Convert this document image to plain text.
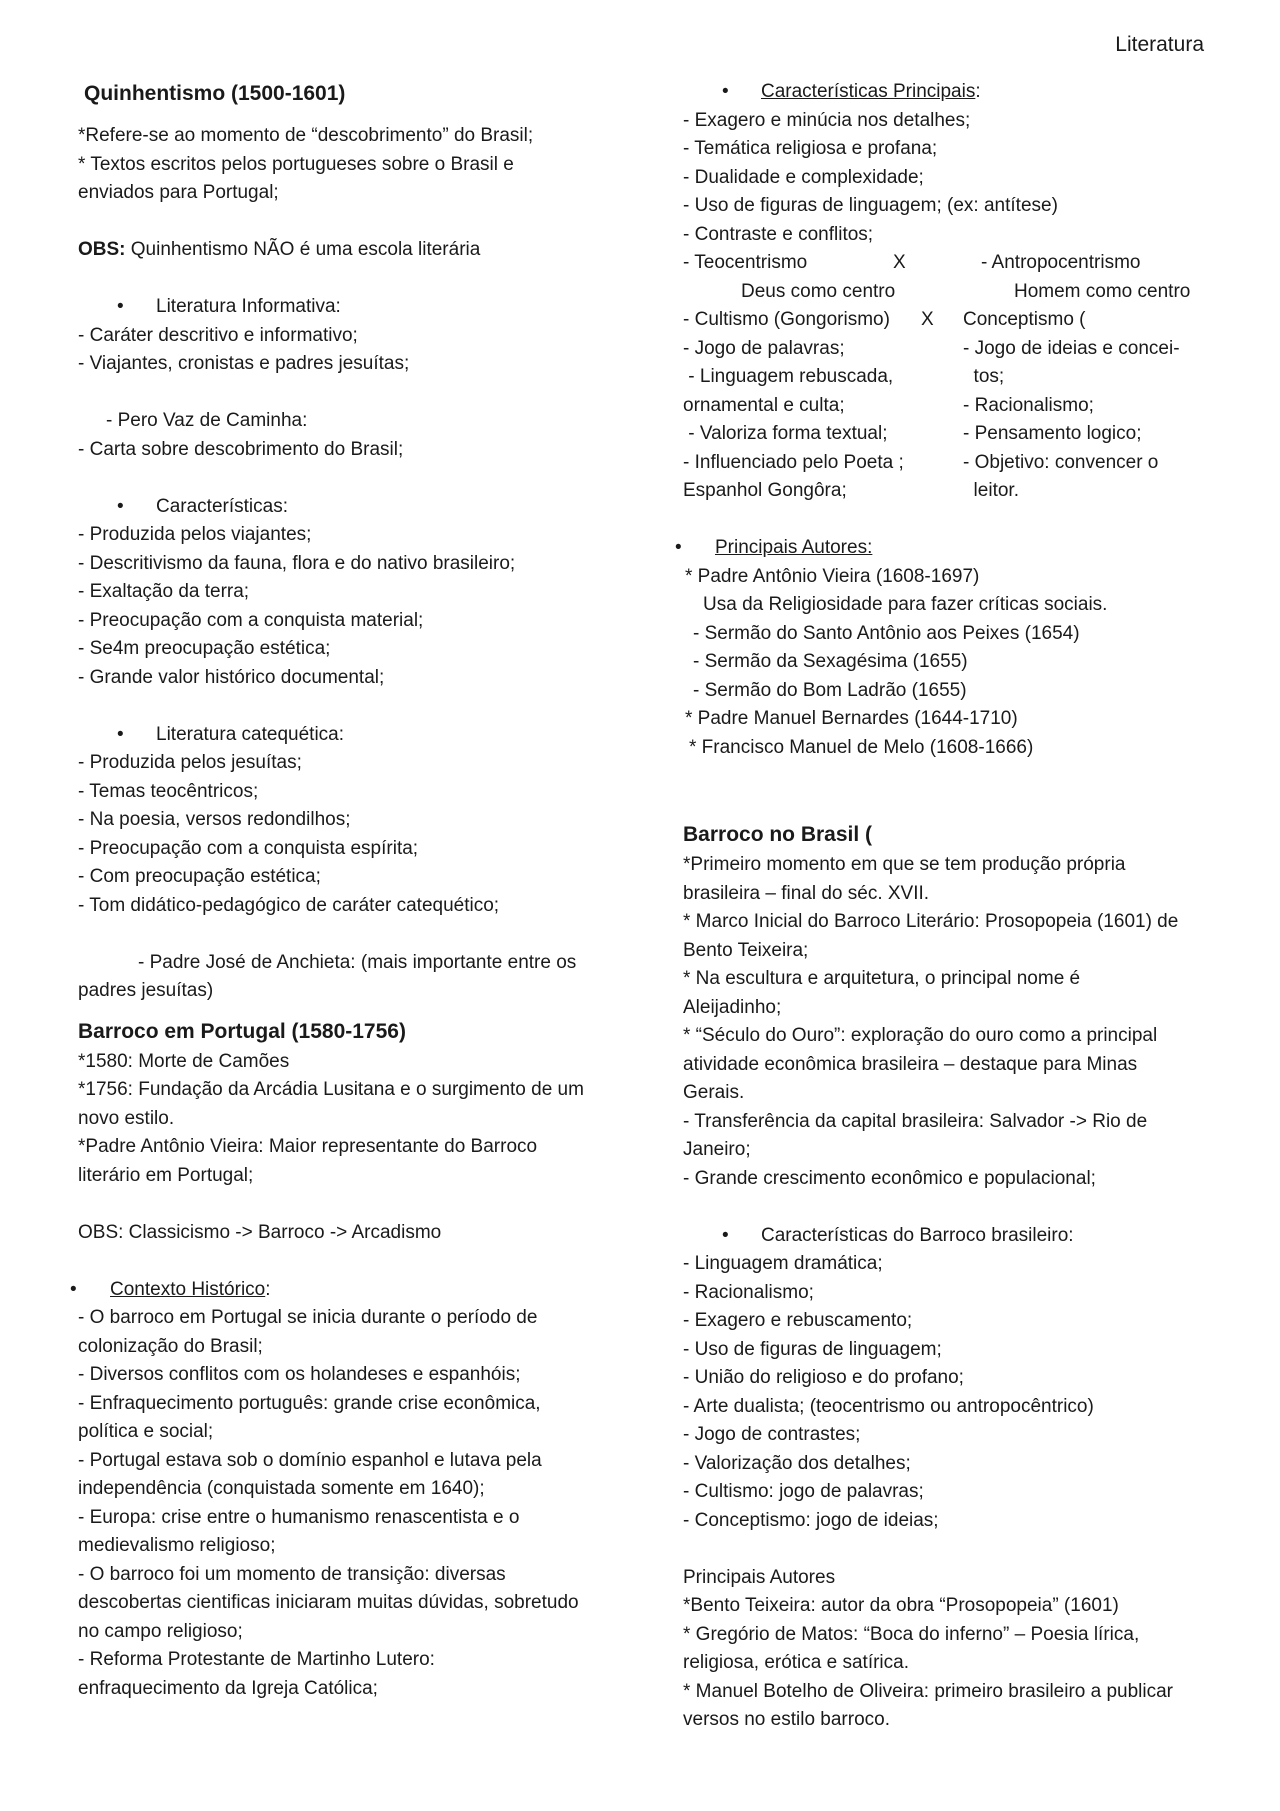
Literatura
Quinhentismo (1500-1601)
*Refere-se ao momento de “descobrimento” do Brasil;
* Textos escritos pelos portugueses sobre o Brasil e
enviados para Portugal;
OBS: Quinhentismo NÃO é uma escola literária
• Literatura Informativa:
- Caráter descritivo e informativo;
- Viajantes, cronistas e padres jesuítas;
- Pero Vaz de Caminha:
- Carta sobre descobrimento do Brasil;
• Características:
- Produzida pelos viajantes;
- Descritivismo da fauna, flora e do nativo brasileiro;
- Exaltação da terra;
- Preocupação com a conquista material;
- Se4m preocupação estética;
- Grande valor histórico documental;
• Literatura catequética:
- Produzida pelos jesuítas;
- Temas teocêntricos;
- Na poesia, versos redondilhos;
- Preocupação com a conquista espírita;
- Com preocupação estética;
- Tom didático-pedagógico de caráter catequético;
- Padre José de Anchieta: (mais importante entre os
padres jesuítas)
Barroco em Portugal (1580-1756)
*1580: Morte de Camões
*1756: Fundação da Arcádia Lusitana e o surgimento de um
novo estilo.
*Padre Antônio Vieira: Maior representante do Barroco
literário em Portugal;
OBS: Classicismo -> Barroco -> Arcadismo
• Contexto Histórico:
- O barroco em Portugal se inicia durante o período de
colonização do Brasil;
- Diversos conflitos com os holandeses e espanhóis;
- Enfraquecimento português: grande crise econômica,
política e social;
- Portugal estava sob o domínio espanhol e lutava pela
independência (conquistada somente em 1640);
- Europa: crise entre o humanismo renascentista e o
medievalismo religioso;
- O barroco foi um momento de transição: diversas
descobertas cientificas iniciaram muitas dúvidas, sobretudo
no campo religioso;
- Reforma Protestante de Martinho Lutero:
enfraquecimento da Igreja Católica;
• Características Principais:
- Exagero e minúcia nos detalhes;
- Temática religiosa e profana;
- Dualidade e complexidade;
- Uso de figuras de linguagem; (ex: antítese)
- Contraste e conflitos;
- Teocentrismo	X	- Antropocentrismo
Deus como centro	Homem como centro
- Cultismo (Gongorismo) X Conceptismo (
- Jogo de palavras;	- Jogo de ideias e concei-
- Linguagem rebuscada,	tos;
ornamental e culta;	- Racionalismo;
- Valoriza forma textual;	- Pensamento logico;
- Influenciado pelo Poeta ;	- Objetivo: convencer o
Espanhol Gongôra;	leitor.
• Principais Autores:
* Padre Antônio Vieira (1608-1697)
Usa da Religiosidade para fazer críticas sociais.
- Sermão do Santo Antônio aos Peixes (1654)
- Sermão da Sexagésima (1655)
- Sermão do Bom Ladrão (1655)
* Padre Manuel Bernardes (1644-1710)
* Francisco Manuel de Melo (1608-1666)
Barroco no Brasil (
*Primeiro momento em que se tem produção própria
brasileira – final do séc. XVII.
* Marco Inicial do Barroco Literário: Prosopopeia (1601) de
Bento Teixeira;
* Na escultura e arquitetura, o principal nome é
Aleijadinho;
* “Século do Ouro”: exploração do ouro como a principal
atividade econômica brasileira – destaque para Minas
Gerais.
- Transferência da capital brasileira: Salvador -> Rio de
Janeiro;
- Grande crescimento econômico e populacional;
• Características do Barroco brasileiro:
- Linguagem dramática;
- Racionalismo;
- Exagero e rebuscamento;
- Uso de figuras de linguagem;
- União do religioso e do profano;
- Arte dualista; (teocentrismo ou antropocêntrico)
- Jogo de contrastes;
- Valorização dos detalhes;
- Cultismo: jogo de palavras;
- Conceptismo: jogo de ideias;
Principais Autores
*Bento Teixeira: autor da obra “Prosopopeia” (1601)
* Gregório de Matos: “Boca do inferno” – Poesia lírica,
religiosa, erótica e satírica.
* Manuel Botelho de Oliveira: primeiro brasileiro a publicar
versos no estilo barroco.
